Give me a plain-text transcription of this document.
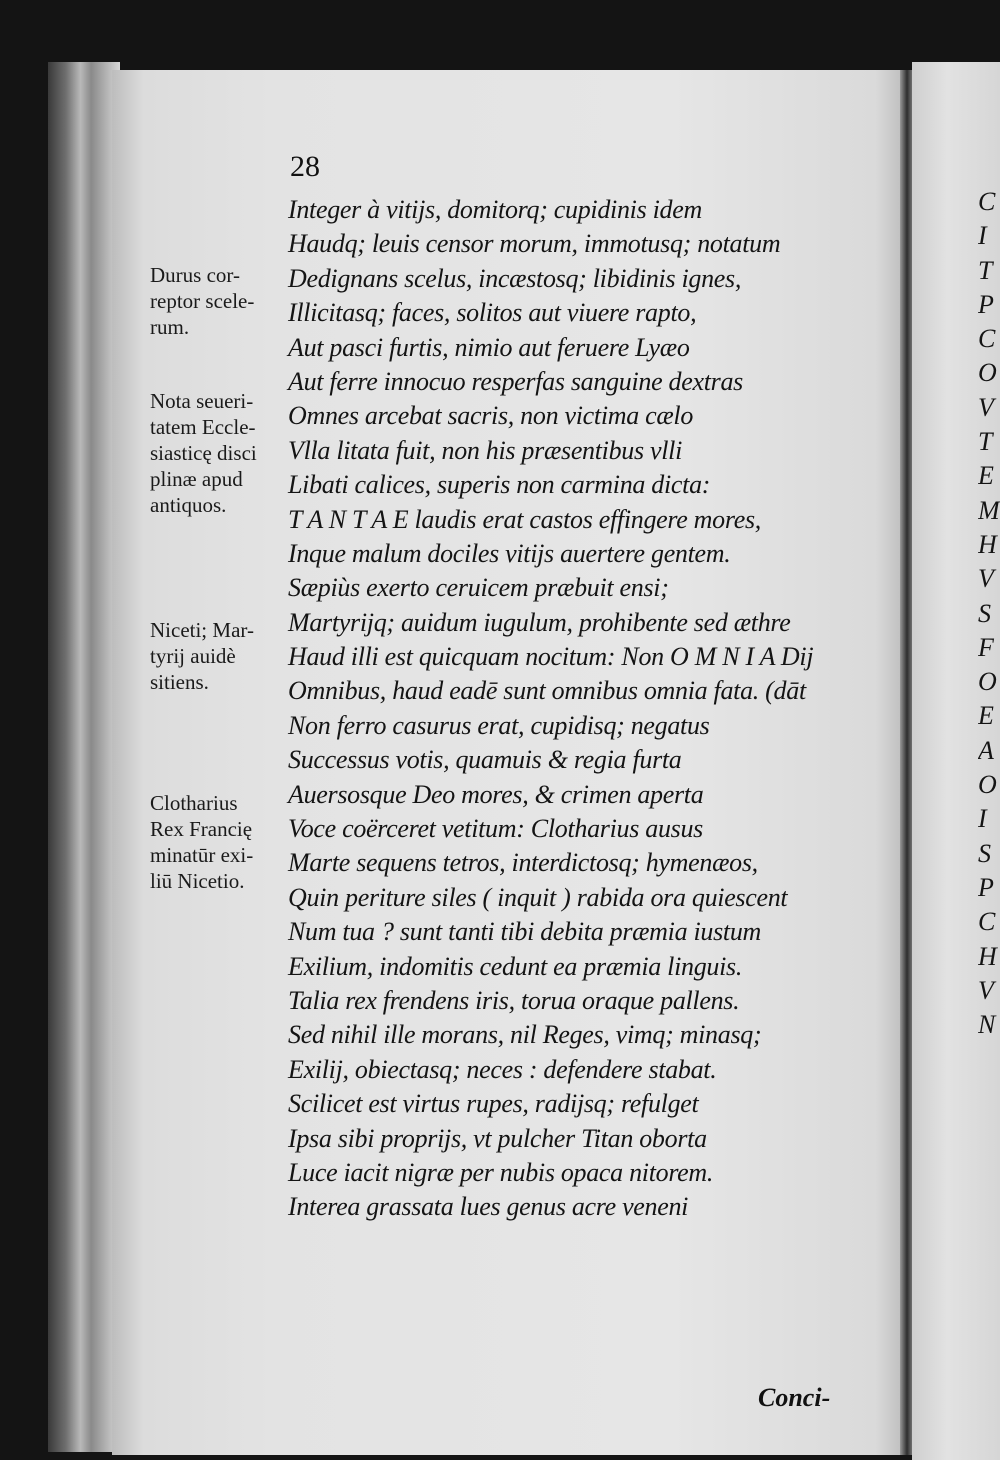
28
Integer à vitijs, domitorq; cupidinis idem
Haudq; leuis censor morum, immotusq; notatum
Dedignans scelus, incæstosq; libidinis ignes,
Illicitasq; faces, solitos aut viuere rapto,
Aut pasci furtis, nimio aut feruere Lyæo
Aut ferre innocuo resperfas sanguine dextras
Omnes arcebat sacris, non victima cælo
Vlla litata fuit, non his præsentibus vlli
Libati calices, superis non carmina dicta:
T A N T A E laudis erat castos effingere mores,
Inque malum dociles vitijs auertere gentem.
Sæpiùs exerto ceruicem præbuit ensi;
Martyrijq; auidum iugulum, prohibente sed æthre
Haud illi est quicquam nocitum: Non O M N I A Dij
Omnibus, haud eadē sunt omnibus omnia fata. (dāt
Non ferro casurus erat, cupidisq; negatus
Successus votis, quamuis & regia furta
Auersosque Deo mores, & crimen aperta
Voce coërceret vetitum: Clotharius ausus
Marte sequens tetros, interdictosq; hymenæos,
Quin periture siles ( inquit ) rabida ora quiescent
Num tua ? sunt tanti tibi debita præmia iustum
Exilium, indomitis cedunt ea præmia linguis.
Talia rex frendens iris, torua oraque pallens.
Sed nihil ille morans, nil Reges, vimq; minasq;
Exilij, obiectasq; neces : defendere stabat.
Scilicet est virtus rupes, radijsq; refulget
Ipsa sibi proprijs, vt pulcher Titan oborta
Luce iacit nigræ per nubis opaca nitorem.
Interea grassata lues genus acre veneni
Durus cor-
reptor scele-
rum.
Nota seueri-
tatem Eccle-
siasticę disci
plinæ apud
antiquos.
Niceti; Mar-
tyrij auidè
sitiens.
Clotharius
Rex Francię
minatūr exi-
liū Nicetio.
Conci-
C
I
T
P
C
O
V
T
E
M
H
V
S
F
O
E
A
O
I
S
P
C
H
V
N
